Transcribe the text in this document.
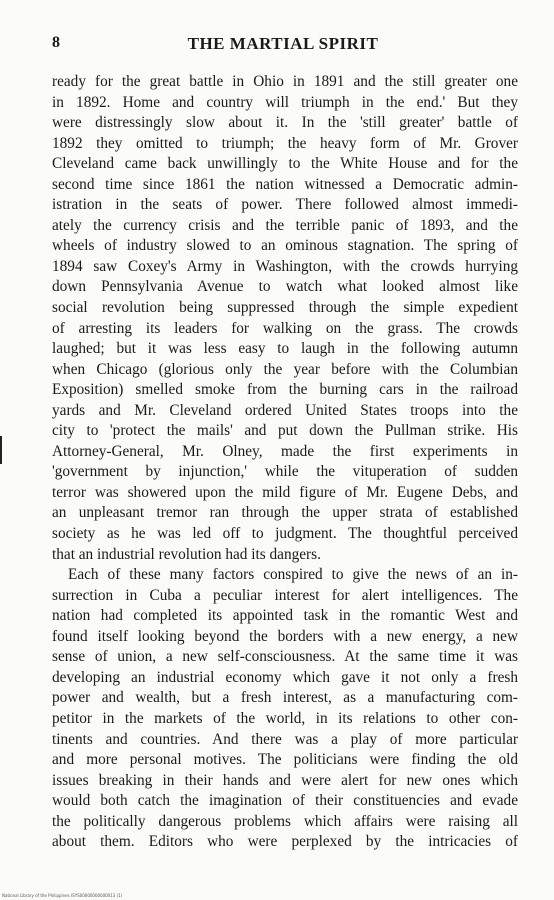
8	THE MARTIAL SPIRIT
ready for the great battle in Ohio in 1891 and the still greater one
in 1892. Home and country will triumph in the end.' But they
were distressingly slow about it. In the 'still greater' battle of
1892 they omitted to triumph; the heavy form of Mr. Grover
Cleveland came back unwillingly to the White House and for the
second time since 1861 the nation witnessed a Democratic admin-
istration in the seats of power. There followed almost immedi-
ately the currency crisis and the terrible panic of 1893, and the
wheels of industry slowed to an ominous stagnation. The spring of
1894 saw Coxey's Army in Washington, with the crowds hurrying
down Pennsylvania Avenue to watch what looked almost like
social revolution being suppressed through the simple expedient
of arresting its leaders for walking on the grass. The crowds
laughed; but it was less easy to laugh in the following autumn
when Chicago (glorious only the year before with the Columbian
Exposition) smelled smoke from the burning cars in the railroad
yards and Mr. Cleveland ordered United States troops into the
city to 'protect the mails' and put down the Pullman strike. His
Attorney-General, Mr. Olney, made the first experiments in
'government by injunction,' while the vituperation of sudden
terror was showered upon the mild figure of Mr. Eugene Debs, and
an unpleasant tremor ran through the upper strata of established
society as he was led off to judgment. The thoughtful perceived
that an industrial revolution had its dangers.
Each of these many factors conspired to give the news of an in-
surrection in Cuba a peculiar interest for alert intelligences. The
nation had completed its appointed task in the romantic West and
found itself looking beyond the borders with a new energy, a new
sense of union, a new self-consciousness. At the same time it was
developing an industrial economy which gave it not only a fresh
power and wealth, but a fresh interest, as a manufacturing com-
petitor in the markets of the world, in its relations to other con-
tinents and countries. And there was a play of more particular
and more personal motives. The politicians were finding the old
issues breaking in their hands and were alert for new ones which
would both catch the imagination of their constituencies and evade
the politically dangerous problems which affairs were raising all
about them. Editors who were perplexed by the intricacies of
National Library of the Philippines ISYS00000000000013 (1)
